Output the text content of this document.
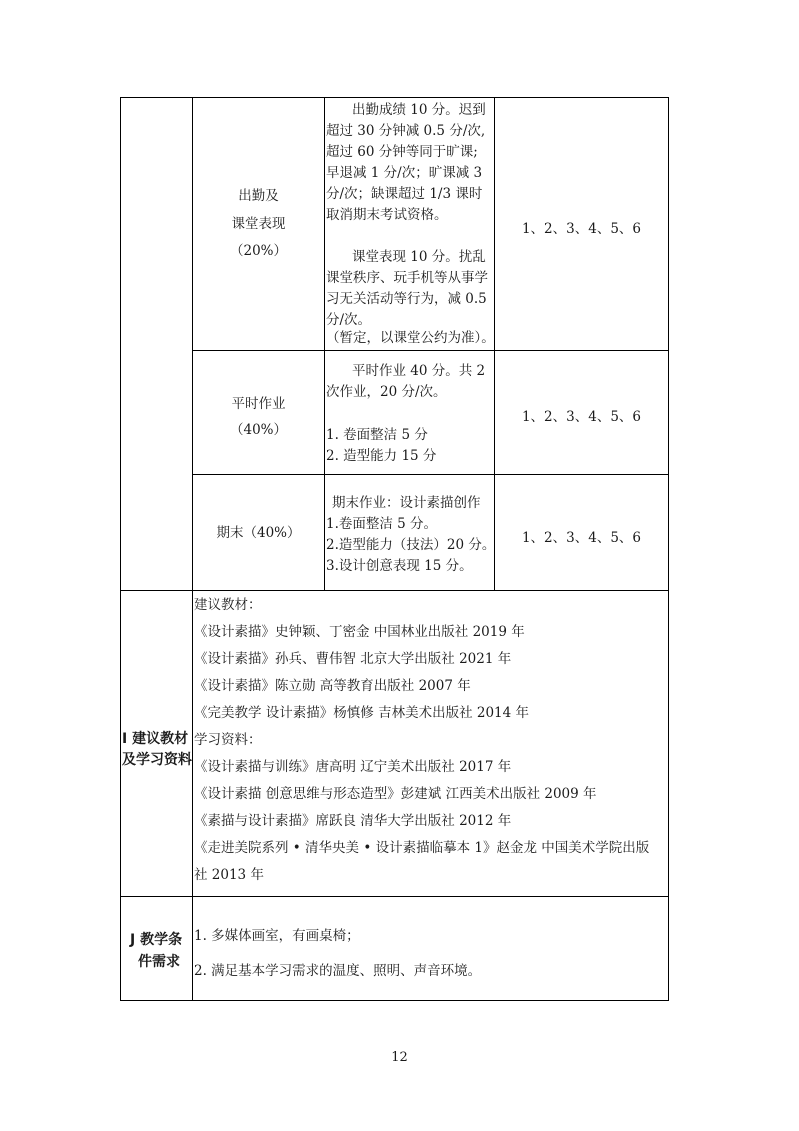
出勤及
课堂表现
（20%）
出勤成绩 10 分。迟到
超过 30 分钟减 0.5 分/次,
超过 60 分钟等同于旷课;
早退减 1 分/次；旷课减 3
分/次；缺课超过 1/3 课时
取消期末考试资格。
课堂表现 10 分。扰乱
课堂秩序、玩手机等从事学
习无关活动等行为，减 0.5
分/次。
（暂定，以课堂公约为准）。
1、2、3、4、5、6
平时作业
（40%）
平时作业 40 分。共 2
次作业，20 分/次。
1. 卷面整洁 5 分
2. 造型能力 15 分
1、2、3、4、5、6
期末（40%）
期末作业：设计素描创作
1.卷面整洁 5 分。
2.造型能力（技法）20 分。
3.设计创意表现 15 分。
1、2、3、4、5、6
I 建议教材
及学习资料
建议教材：
《设计素描》史钟颖、丁密金 中国林业出版社 2019 年
《设计素描》孙兵、曹伟智 北京大学出版社 2021 年
《设计素描》陈立勋 高等教育出版社 2007 年
《完美教学 设计素描》杨慎修 吉林美术出版社 2014 年
学习资料：
《设计素描与训练》唐高明 辽宁美术出版社 2017 年
《设计素描 创意思维与形态造型》彭建斌 江西美术出版社 2009 年
《素描与设计素描》席跃良 清华大学出版社 2012 年
《走进美院系列 • 清华央美 • 设计素描临摹本 1》赵金龙 中国美术学院出版
社 2013 年
J 教学条
件需求
1. 多媒体画室，有画桌椅；
2. 满足基本学习需求的温度、照明、声音环境。
12
